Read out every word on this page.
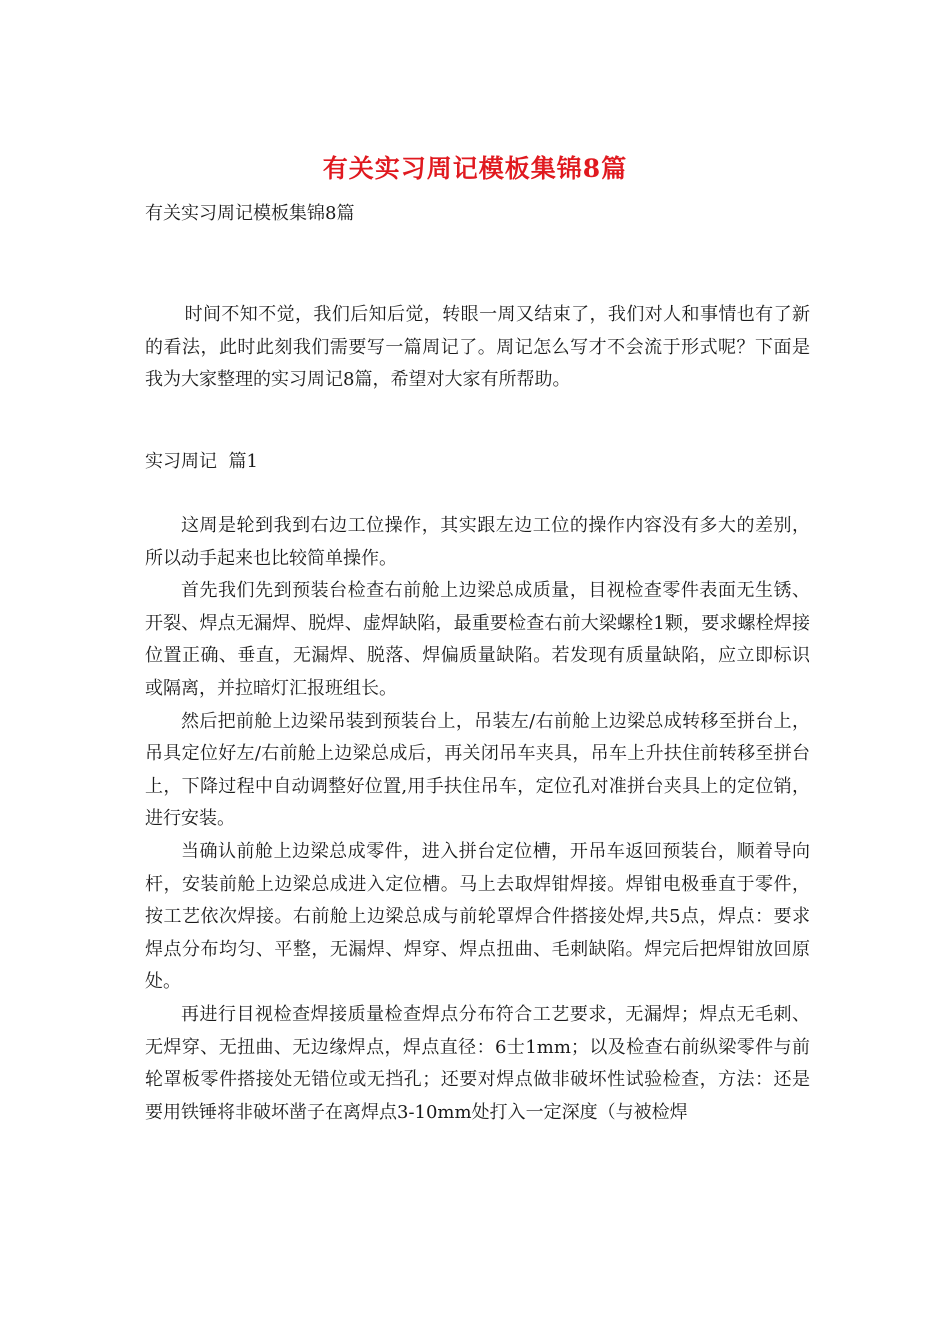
有关实习周记模板集锦8篇
有关实习周记模板集锦8篇

时间不知不觉，我们后知后觉，转眼一周又结束了，我们对人和事情也有了新的看法，此时此刻我们需要写一篇周记了。周记怎么写才不会流于形式呢？下面是我为大家整理的实习周记8篇，希望对大家有所帮助。

实习周记  篇1

这周是轮到我到右边工位操作，其实跟左边工位的操作内容没有多大的差别，所以动手起来也比较简单操作。

首先我们先到预装台检查右前舱上边梁总成质量，目视检查零件表面无生锈、开裂、焊点无漏焊、脱焊、虚焊缺陷，最重要检查右前大梁螺栓1颗，要求螺栓焊接位置正确、垂直，无漏焊、脱落、焊偏质量缺陷。若发现有质量缺陷，应立即标识或隔离，并拉暗灯汇报班组长。

然后把前舱上边梁吊装到预装台上，吊装左/右前舱上边梁总成转移至拼台上，吊具定位好左/右前舱上边梁总成后，再关闭吊车夹具，吊车上升扶住前转移至拼台上，下降过程中自动调整好位置,用手扶住吊车，定位孔对准拼台夹具上的定位销，进行安装。

当确认前舱上边梁总成零件，进入拼台定位槽，开吊车返回预装台，顺着导向杆，安装前舱上边梁总成进入定位槽。马上去取焊钳焊接。焊钳电极垂直于零件，按工艺依次焊接。右前舱上边梁总成与前轮罩焊合件搭接处焊,共5点，焊点：要求焊点分布均匀、平整，无漏焊、焊穿、焊点扭曲、毛刺缺陷。焊完后把焊钳放回原处。

再进行目视检查焊接质量检查焊点分布符合工艺要求，无漏焊；焊点无毛刺、无焊穿、无扭曲、无边缘焊点，焊点直径：6士1mm；以及检查右前纵梁零件与前轮罩板零件搭接处无错位或无挡孔；还要对焊点做非破坏性试验检查，方法：还是要用铁锤将非破坏凿子在离焊点3-10mm处打入一定深度（与被检焊
